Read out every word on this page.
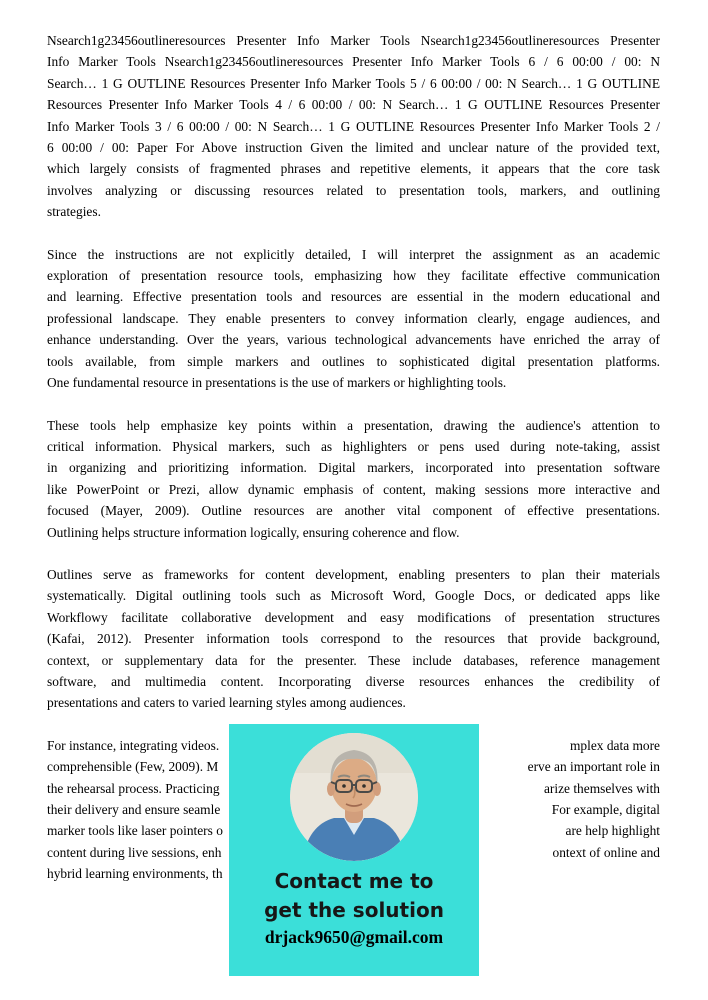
Nsearch1g23456outlineresources Presenter Info Marker Tools Nsearch1g23456outlineresources Presenter
Info Marker Tools Nsearch1g23456outlineresources Presenter Info Marker Tools 6 / 6 00:00 / 00: N
Search… 1 G OUTLINE Resources Presenter Info Marker Tools 5 / 6 00:00 / 00: N Search… 1 G OUTLINE
Resources Presenter Info Marker Tools 4 / 6 00:00 / 00: N Search… 1 G OUTLINE Resources Presenter
Info Marker Tools 3 / 6 00:00 / 00: N Search… 1 G OUTLINE Resources Presenter Info Marker Tools 2 /
6 00:00 / 00: Paper For Above instruction Given the limited and unclear nature of the provided text,
which largely consists of fragmented phrases and repetitive elements, it appears that the core task
involves analyzing or discussing resources related to presentation tools, markers, and outlining
strategies.
Since the instructions are not explicitly detailed, I will interpret the assignment as an academic
exploration of presentation resource tools, emphasizing how they facilitate effective communication
and learning. Effective presentation tools and resources are essential in the modern educational and
professional landscape. They enable presenters to convey information clearly, engage audiences, and
enhance understanding. Over the years, various technological advancements have enriched the array of
tools available, from simple markers and outlines to sophisticated digital presentation platforms.
One fundamental resource in presentations is the use of markers or highlighting tools.
These tools help emphasize key points within a presentation, drawing the audience's attention to
critical information. Physical markers, such as highlighters or pens used during note-taking, assist
in organizing and prioritizing information. Digital markers, incorporated into presentation software
like PowerPoint or Prezi, allow dynamic emphasis of content, making sessions more interactive and
focused (Mayer, 2009). Outline resources are another vital component of effective presentations.
Outlining helps structure information logically, ensuring coherence and flow.
Outlines serve as frameworks for content development, enabling presenters to plan their materials
systematically. Digital outlining tools such as Microsoft Word, Google Docs, or dedicated apps like
Workflowy facilitate collaborative development and easy modifications of presentation structures
(Kafai, 2012). Presenter information tools correspond to the resources that provide background,
context, or supplementary data for the presenter. These include databases, reference management
software, and multimedia content. Incorporating diverse resources enhances the credibility of
presentations and caters to varied learning styles among audiences.
For instance, integrating videos.	mplex data more
comprehensible (Few, 2009). M	erve an important role in
the rehearsal process. Practicing	arize themselves with
their delivery and ensure seamle	For example, digital
marker tools like laser pointers o	are help highlight
content during live sessions, enh	ontext of online and
hybrid learning environments, th	Contact me to
get the solution
drjack9650@gmail.com
